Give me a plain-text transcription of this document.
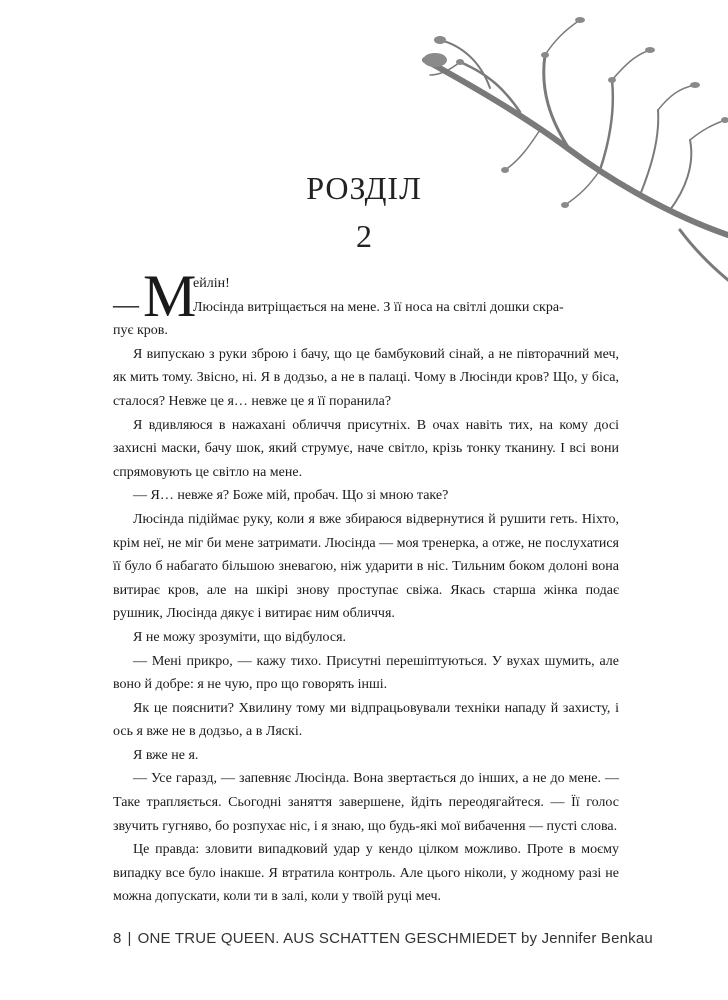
РОЗДІЛ
2
— М
ейлін!

Люсінда витріщається на мене. З її носа на світлі дошки скра-

пує кров.

Я випускаю з руки зброю і бачу, що це бамбуковий сінай, а не півторачний меч, як мить тому. Звісно, ні. Я в додзьо, а не в палаці. Чому в Люсінди кров? Що, у біса, сталося? Невже це я… невже це я її поранила?

Я вдивляюся в нажахані обличчя присутніх. В очах навіть тих, на кому досі захисні маски, бачу шок, який струмує, наче світло, крізь тонку тканину. І всі вони спрямовують це світло на мене.

— Я… невже я? Боже мій, пробач. Що зі мною таке?

Люсінда підіймає руку, коли я вже збираюся відвернутися й рушити геть. Ніхто, крім неї, не міг би мене затримати. Люсінда — моя тренерка, а отже, не послухатися її було б набагато більшою зневагою, ніж ударити в ніс. Тильним боком долоні вона витирає кров, але на шкірі знову проступає свіжа. Якась старша жінка подає рушник, Люсінда дякує і витирає ним обличчя.

Я не можу зрозуміти, що відбулося.

— Мені прикро, — кажу тихо. Присутні перешіптуються. У вухах шумить, але воно й добре: я не чую, про що говорять інші.

Як це пояснити? Хвилину тому ми відпрацьовували техніки нападу й захисту, і ось я вже не в додзьо, а в Ляскі.

Я вже не я.

— Усе гаразд, — запевняє Люсінда. Вона звертається до інших, а не до мене. — Таке трапляється. Сьогодні заняття завершене, йдіть переодягайтеся. — Її голос звучить гугняво, бо розпухає ніс, і я знаю, що будь-які мої вибачення — пусті слова.

Це правда: зловити випадковий удар у кендо цілком можливо. Проте в моєму випадку все було інакше. Я втратила контроль. Але цього ніколи, у жодному разі не можна допускати, коли ти в залі, коли у твоїй руці меч.

8 | ONE TRUE QUEEN. AUS SCHATTEN GESCHMIEDET by Jennifer Benkau
